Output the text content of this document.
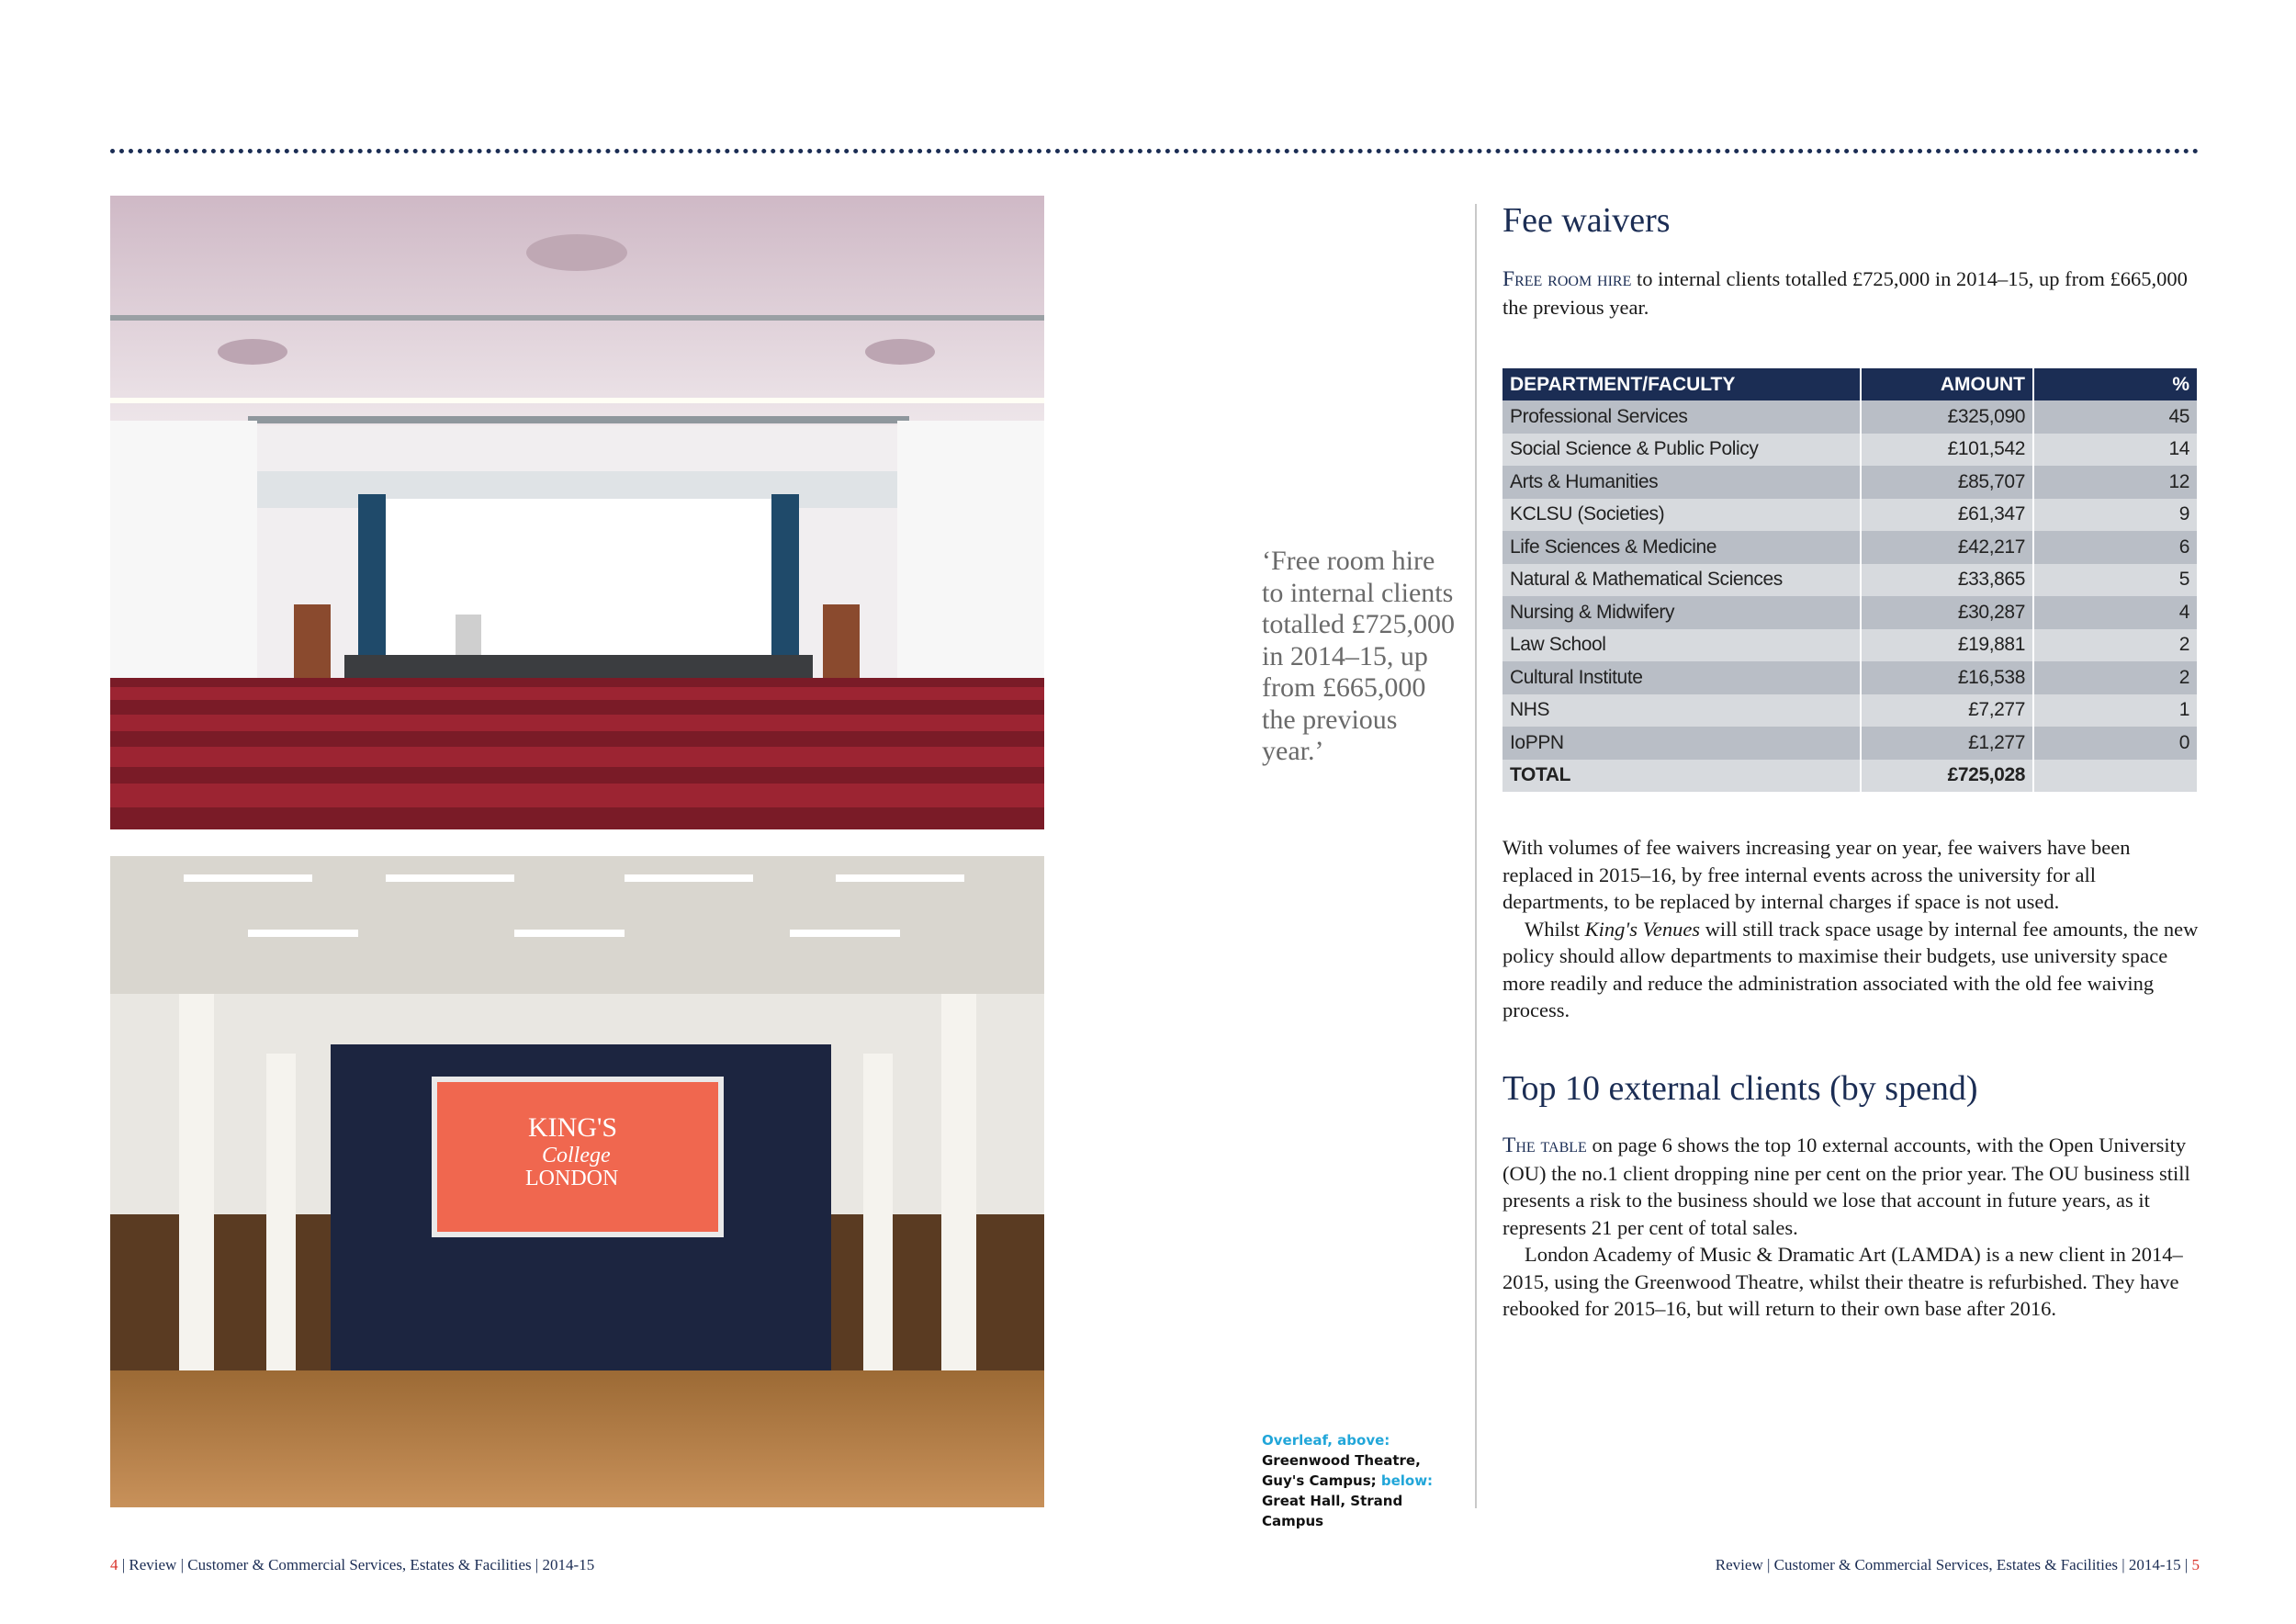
KING'S
College
LONDON

‘Free room hire to internal clients totalled £725,000 in 2014–15, up from £665,000 the previous year.’

Overleaf, above: Greenwood Theatre, Guy's Campus; below: Great Hall, Strand Campus

Fee waivers

Free room hire to internal clients totalled £725,000 in 2014–15, up from £665,000 the previous year.

DEPARTMENT/FACULTY	AMOUNT	%
Professional Services	£325,090	45
Social Science & Public Policy	£101,542	14
Arts & Humanities	£85,707	12
KCLSU (Societies)	£61,347	9
Life Sciences & Medicine	£42,217	6
Natural & Mathematical Sciences	£33,865	5
Nursing & Midwifery	£30,287	4
Law School	£19,881	2
Cultural Institute	£16,538	2
NHS	£7,277	1
IoPPN	£1,277	0
TOTAL	£725,028	

With volumes of fee waivers increasing year on year, fee waivers have been replaced in 2015–16, by free internal events across the university for all departments, to be replaced by internal charges if space is not used.
Whilst King's Venues will still track space usage by internal fee amounts, the new policy should allow departments to maximise their budgets, use university space more readily and reduce the administration associated with the old fee waiving process.

Top 10 external clients (by spend)

The table on page 6 shows the top 10 external accounts, with the Open University (OU) the no.1 client dropping nine per cent on the prior year. The OU business still presents a risk to the business should we lose that account in future years, as it represents 21 per cent of total sales.
London Academy of Music & Dramatic Art (LAMDA) is a new client in 2014–2015, using the Greenwood Theatre, whilst their theatre is refurbished. They have rebooked for 2015–16, but will return to their own base after 2016.

4 | Review | Customer & Commercial Services, Estates & Facilities | 2014-15	Review | Customer & Commercial Services, Estates & Facilities | 2014-15 | 5
